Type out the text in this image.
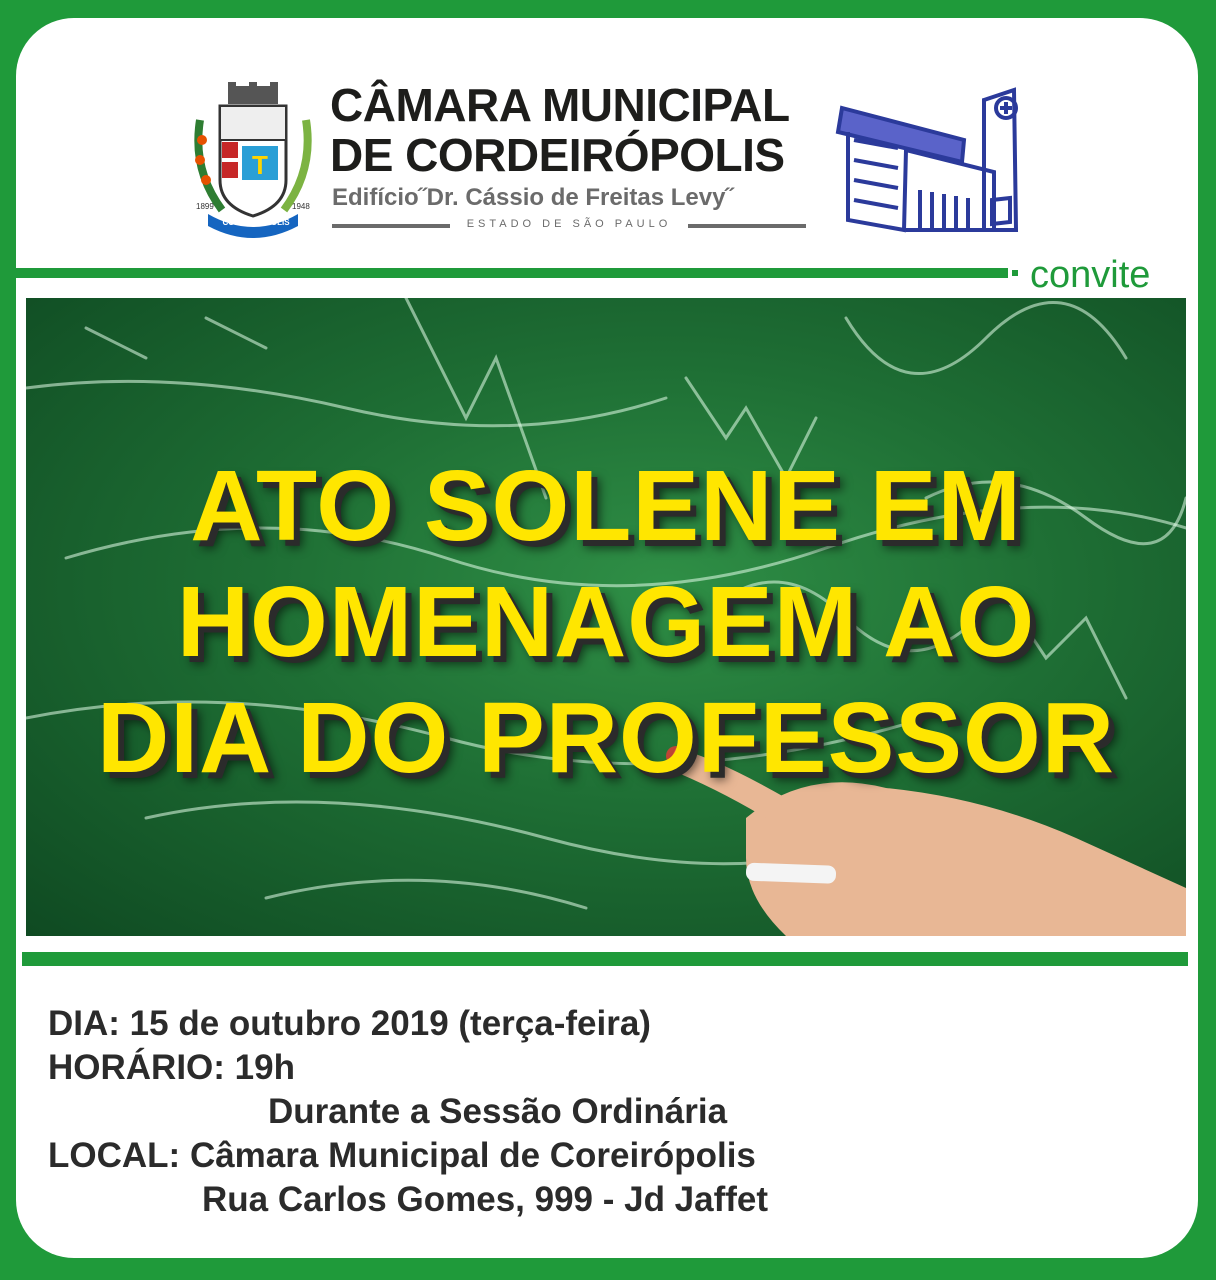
T
CORDEIRÓPOLIS
1899	1948
CÂMARA MUNICIPAL
DE CORDEIRÓPOLIS
Edifício˝Dr. Cássio de Freitas Levy˝
ESTADO DE SÃO PAULO
convite
ATO SOLENE EM
HOMENAGEM AO
DIA DO PROFESSOR
DIA: 15 de outubro 2019 (terça-feira)
HORÁRIO: 19h
Durante a Sessão Ordinária
LOCAL: Câmara Municipal de Coreirópolis
Rua Carlos Gomes, 999 - Jd Jaffet
